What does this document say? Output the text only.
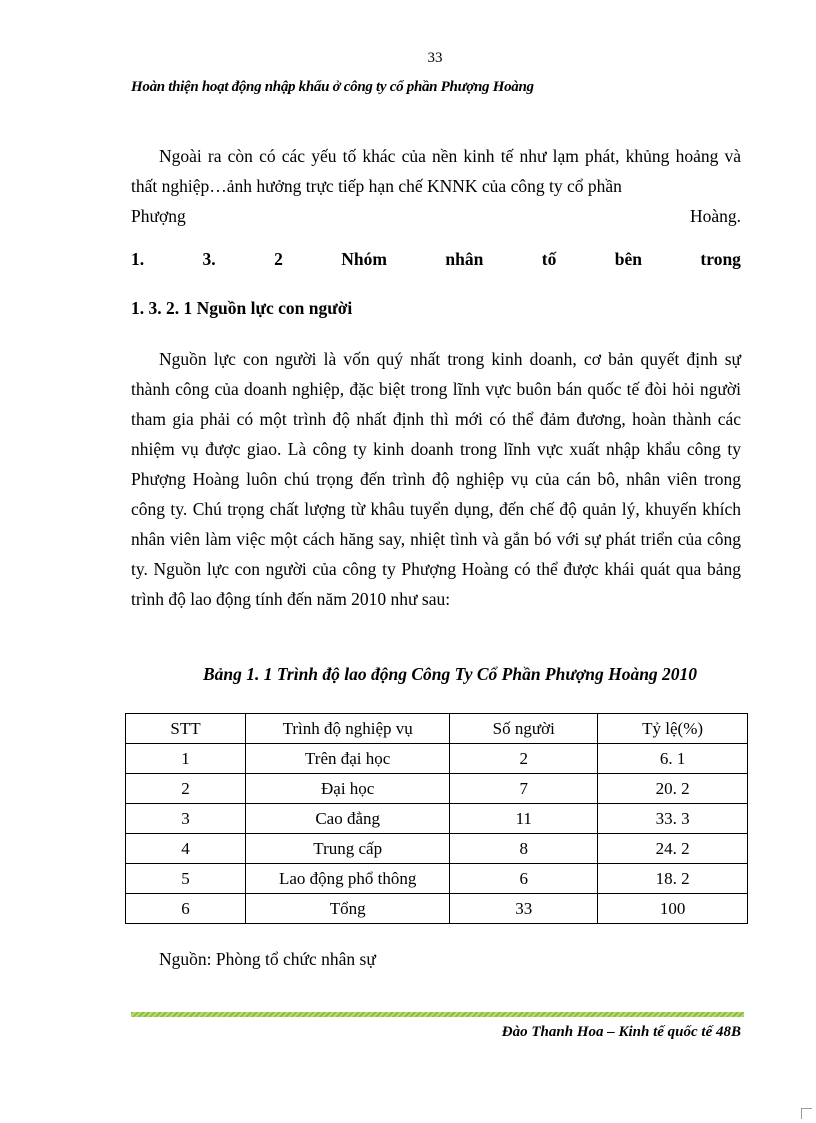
33
Hoàn thiện hoạt động nhập khẩu ở công ty cổ phần Phượng Hoàng
Ngoài ra còn có các yếu tố khác của nền kinh tế như lạm phát, khủng hoảng và thất nghiệp…ảnh hưởng trực tiếp hạn chế KNNK của công ty cổ phần
Phượng	Hoàng.
1.	3.	2	Nhóm	nhân	tố	bên	trong
1. 3. 2. 1 Nguồn lực con người
Nguồn lực con người là vốn quý nhất trong kinh doanh, cơ bản quyết định sự thành công của doanh nghiệp, đặc biệt trong lĩnh vực buôn bán quốc tế đòi hỏi người tham gia phải có một trình độ nhất định thì mới có thể đảm đương, hoàn thành các nhiệm vụ được giao. Là công ty kinh doanh trong lĩnh vực xuất nhập khẩu công ty Phượng Hoàng luôn chú trọng đến trình độ nghiệp vụ của cán bô, nhân viên trong công ty. Chú trọng chất lượng từ khâu tuyển dụng, đến chế độ quản lý, khuyến khích nhân viên làm việc một cách hăng say, nhiệt tình và gắn bó với sự phát triển của công ty. Nguồn lực con người của công ty Phượng Hoàng có thể được khái quát qua bảng trình độ lao động tính đến năm 2010 như sau:
Bảng 1. 1 Trình độ lao động Công Ty Cổ Phần Phượng Hoàng 2010
STT	Trình độ nghiệp vụ	Số người	Tỷ lệ(%)
1	Trên đại học	2	6. 1
2	Đại học	7	20. 2
3	Cao đẳng	11	33. 3
4	Trung cấp	8	24. 2
5	Lao động phổ thông	6	18. 2
6	Tổng	33	100
Nguồn: Phòng tổ chức nhân sự
Đào Thanh Hoa – Kinh tế quốc tế 48B
